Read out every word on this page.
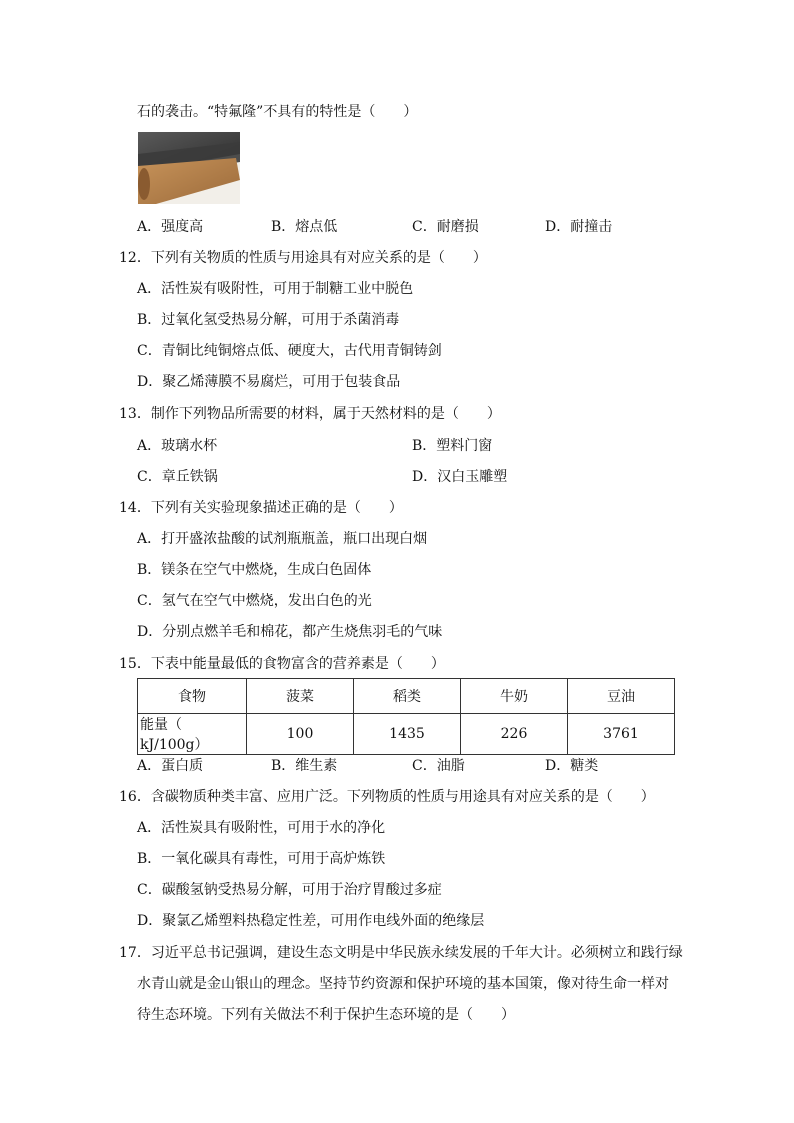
石的袭击。“特氟隆”不具有的特性是（　　）
A．强度高	B．熔点低	C．耐磨损	D．耐撞击
12．下列有关物质的性质与用途具有对应关系的是（　　）
A．活性炭有吸附性，可用于制糖工业中脱色
B．过氧化氢受热易分解，可用于杀菌消毒
C．青铜比纯铜熔点低、硬度大，古代用青铜铸剑
D．聚乙烯薄膜不易腐烂，可用于包装食品
13．制作下列物品所需要的材料，属于天然材料的是（　　）
A．玻璃水杯	B．塑料门窗
C．章丘铁锅	D．汉白玉雕塑
14．下列有关实验现象描述正确的是（　　）
A．打开盛浓盐酸的试剂瓶瓶盖，瓶口出现白烟
B．镁条在空气中燃烧，生成白色固体
C．氢气在空气中燃烧，发出白色的光
D．分别点燃羊毛和棉花，都产生烧焦羽毛的气味
15．下表中能量最低的食物富含的营养素是（　　）
食物	菠菜	稻类	牛奶	豆油
能量（ kJ/100g）	100	1435	226	3761
A．蛋白质	B．维生素	C．油脂	D．糖类
16．含碳物质种类丰富、应用广泛。下列物质的性质与用途具有对应关系的是（　　）
A．活性炭具有吸附性，可用于水的净化
B．一氧化碳具有毒性，可用于高炉炼铁
C．碳酸氢钠受热易分解，可用于治疗胃酸过多症
D．聚氯乙烯塑料热稳定性差，可用作电线外面的绝缘层
17．习近平总书记强调，建设生态文明是中华民族永续发展的千年大计。必须树立和践行绿
水青山就是金山银山的理念。坚持节约资源和保护环境的基本国策，像对待生命一样对
待生态环境。下列有关做法不利于保护生态环境的是（　　）
